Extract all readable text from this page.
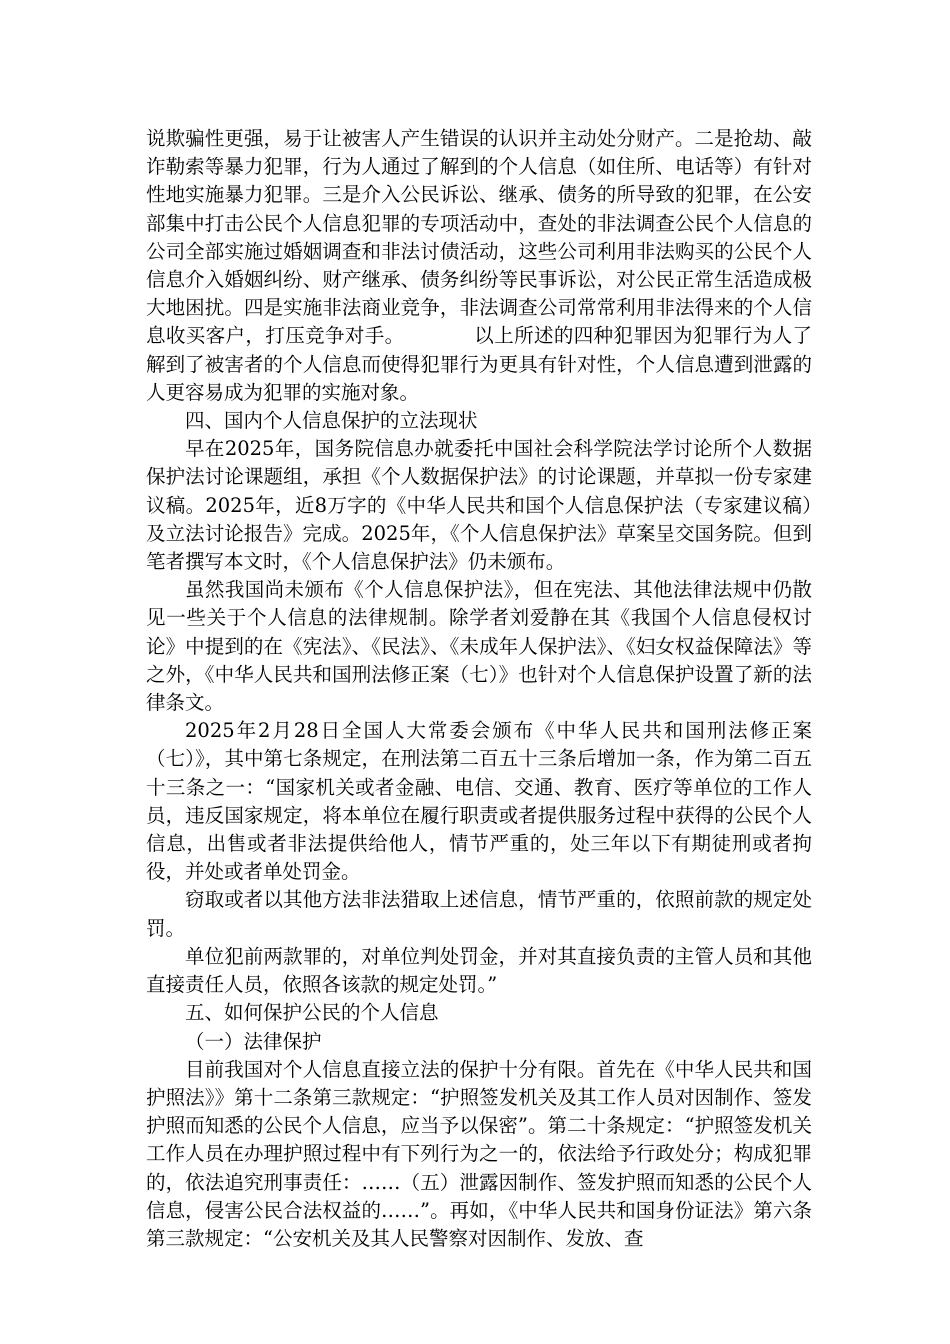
说欺骗性更强，易于让被害人产生错误的认识并主动处分财产。二是抢劫、敲诈勒索等暴力犯罪，行为人通过了解到的个人信息（如住所、电话等）有针对性地实施暴力犯罪。三是介入公民诉讼、继承、债务的所导致的犯罪，在公安部集中打击公民个人信息犯罪的专项活动中，查处的非法调查公民个人信息的公司全部实施过婚姻调查和非法讨债活动，这些公司利用非法购买的公民个人信息介入婚姻纠纷、财产继承、债务纠纷等民事诉讼，对公民正常生活造成极大地困扰。四是实施非法商业竞争，非法调查公司常常利用非法得来的个人信息收买客户，打压竞争对手。　　　　以上所述的四种犯罪因为犯罪行为人了解到了被害者的个人信息而使得犯罪行为更具有针对性，个人信息遭到泄露的人更容易成为犯罪的实施对象。

四、国内个人信息保护的立法现状

早在2025年，国务院信息办就委托中国社会科学院法学讨论所个人数据保护法讨论课题组，承担《个人数据保护法》的讨论课题，并草拟一份专家建议稿。2025年，近8万字的《中华人民共和国个人信息保护法（专家建议稿）及立法讨论报告》完成。2025年，《个人信息保护法》草案呈交国务院。但到笔者撰写本文时，《个人信息保护法》仍未颁布。

虽然我国尚未颁布《个人信息保护法》，但在宪法、其他法律法规中仍散见一些关于个人信息的法律规制。除学者刘爱静在其《我国个人信息侵权讨论》中提到的在《宪法》、《民法》、《未成年人保护法》、《妇女权益保障法》等之外，《中华人民共和国刑法修正案（七）》也针对个人信息保护设置了新的法律条文。

2025年2月28日全国人大常委会颁布《中华人民共和国刑法修正案（七）》，其中第七条规定，在刑法第二百五十三条后增加一条，作为第二百五十三条之一：“国家机关或者金融、电信、交通、教育、医疗等单位的工作人员，违反国家规定，将本单位在履行职责或者提供服务过程中获得的公民个人信息，出售或者非法提供给他人，情节严重的，处三年以下有期徒刑或者拘役，并处或者单处罚金。

窃取或者以其他方法非法猎取上述信息，情节严重的，依照前款的规定处罚。

单位犯前两款罪的，对单位判处罚金，并对其直接负责的主管人员和其他直接责任人员，依照各该款的规定处罚。”

五、如何保护公民的个人信息

（一）法律保护

目前我国对个人信息直接立法的保护十分有限。首先在《中华人民共和国护照法》》第十二条第三款规定：“护照签发机关及其工作人员对因制作、签发护照而知悉的公民个人信息，应当予以保密”。第二十条规定：“护照签发机关工作人员在办理护照过程中有下列行为之一的，依法给予行政处分；构成犯罪的，依法追究刑事责任：……（五）泄露因制作、签发护照而知悉的公民个人信息，侵害公民合法权益的……”。再如，《中华人民共和国身份证法》第六条第三款规定：“公安机关及其人民警察对因制作、发放、查
